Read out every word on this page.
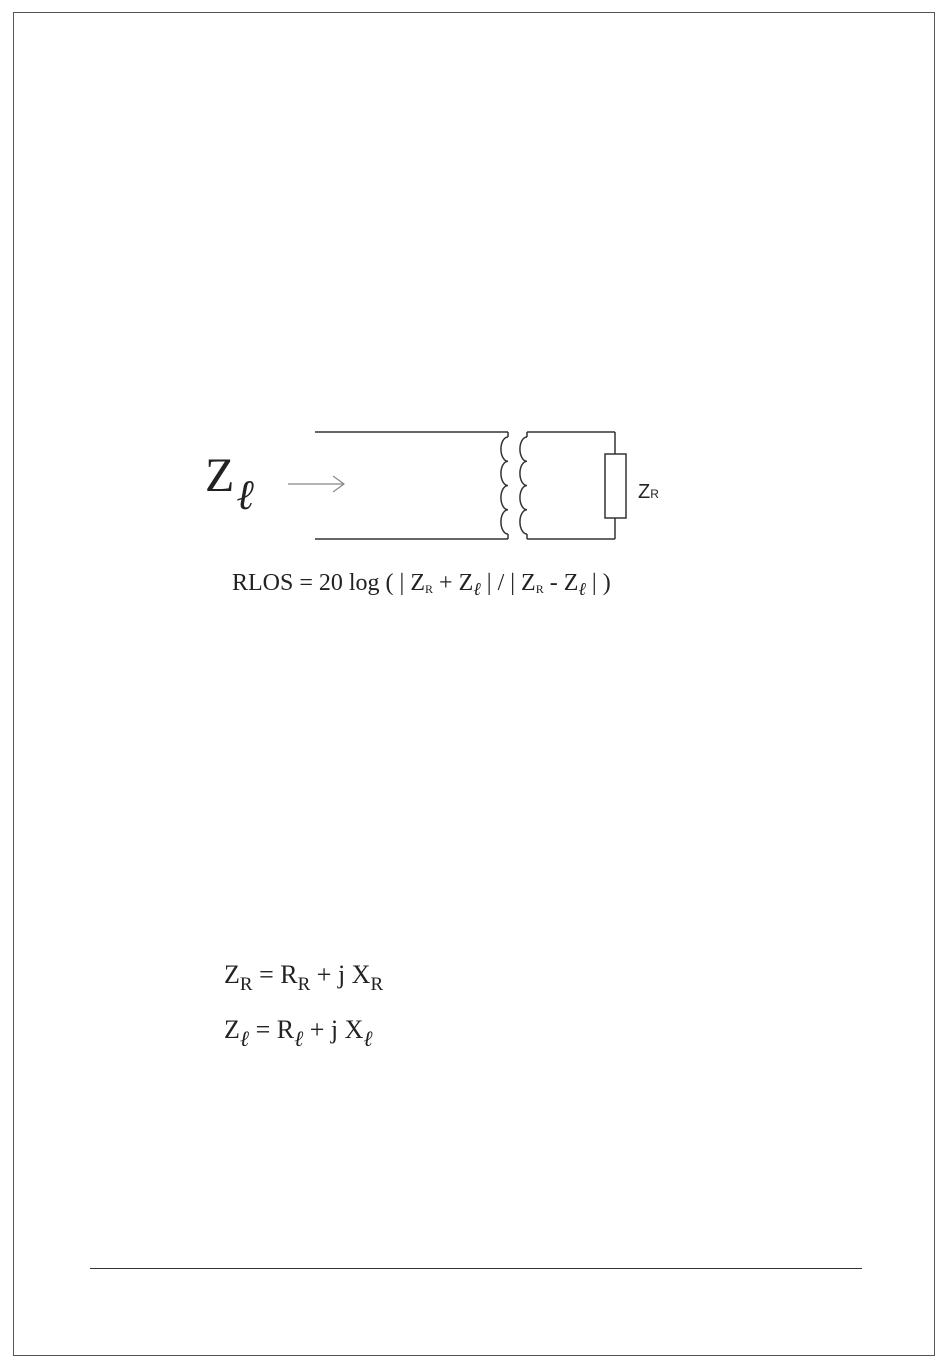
Zℓ	ZR
RLOS = 20 log ( | ZR + $Z_\ell$ | / | ZR - $Z_\ell$ | )
$Z_R = R_R + j$ $X_R$
$Z_\ell = R_\ell + j$ $X_\ell$
